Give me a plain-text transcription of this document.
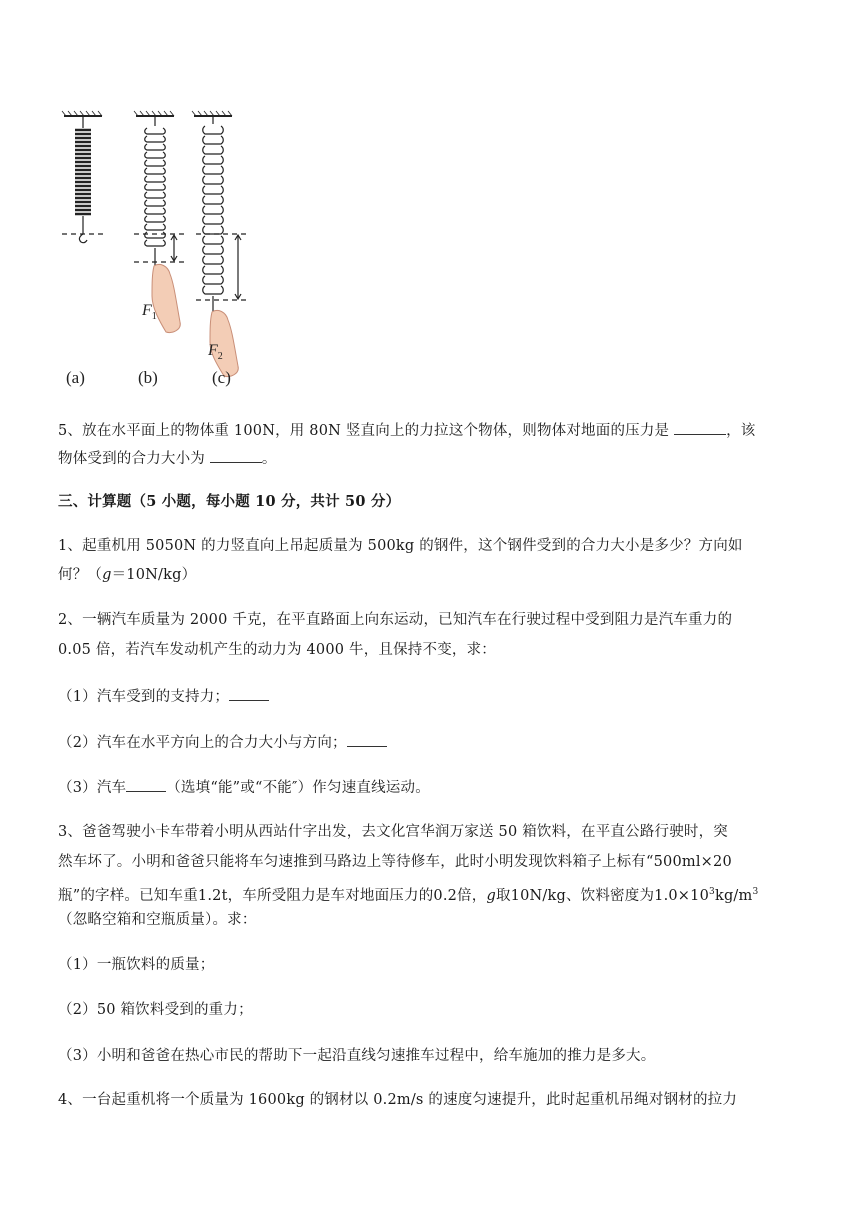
$F_1$
$F_2$
(a)	(b)	(c)
5、放在水平面上的物体重 100N，用 80N 竖直向上的力拉这个物体，则物体对地面的压力是	，该
物体受到的合力大小为	。
三、计算题（5 小题，每小题 10 分，共计 50 分）
1、起重机用 5050N 的力竖直向上吊起质量为 500kg 的钢件，这个钢件受到的合力大小是多少？方向如
何？（g＝10N/kg）
2、一辆汽车质量为 2000 千克，在平直路面上向东运动，已知汽车在行驶过程中受到阻力是汽车重力的
0.05 倍，若汽车发动机产生的动力为 4000 牛，且保持不变，求：
（1）汽车受到的支持力；
（2）汽车在水平方向上的合力大小与方向；
（3）汽车	（选填“能”或“不能″）作匀速直线运动。
3、爸爸驾驶小卡车带着小明从西站什字出发，去文化宫华润万家送 50 箱饮料，在平直公路行驶时，突
然车坏了。小明和爸爸只能将车匀速推到马路边上等待修车，此时小明发现饮料箱子上标有“500ml×20
瓶”的字样。已知车重1.2t，车所受阻力是车对地面压力的0.2倍，g取10N/kg、饮料密度为$1.0\times 10^3kg/m^3$
（忽略空箱和空瓶质量）。求：
（1）一瓶饮料的质量；
（2）50 箱饮料受到的重力；
（3）小明和爸爸在热心市民的帮助下一起沿直线匀速推车过程中，给车施加的推力是多大。
4、一台起重机将一个质量为 1600kg 的钢材以 0.2m/s 的速度匀速提升，此时起重机吊绳对钢材的拉力
